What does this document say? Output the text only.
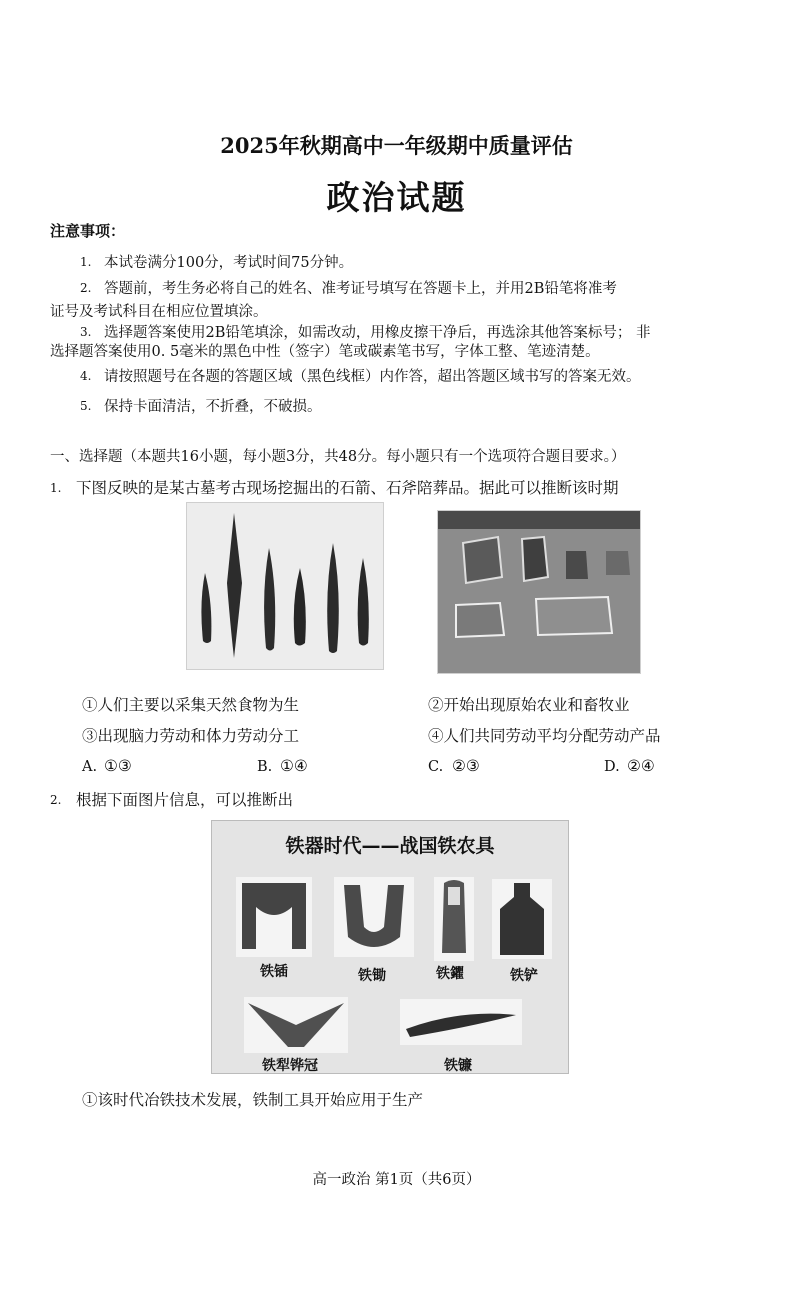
2025年秋期高中一年级期中质量评估
政治试题
注意事项：
1. 本试卷满分100分，考试时间75分钟。
2. 答题前，考生务必将自己的姓名、准考证号填写在答题卡上，并用2B铅笔将准考
证号及考试科目在相应位置填涂。
3. 选择题答案使用2B铅笔填涂，如需改动，用橡皮擦干净后，再选涂其他答案标号； 非
选择题答案使用0. 5毫米的黑色中性（签字）笔或碳素笔书写，字体工整、笔迹清楚。
4. 请按照题号在各题的答题区域（黑色线框）内作答，超出答题区域书写的答案无效。
5. 保持卡面清洁，不折叠，不破损。
一、选择题（本题共16小题，每小题3分，共48分。每小题只有一个选项符合题目要求。）
1. 下图反映的是某古墓考古现场挖掘出的石箭、石斧陪葬品。据此可以推断该时期
①人们主要以采集天然食物为生	②开始出现原始农业和畜牧业
③出现脑力劳动和体力劳动分工	④人们共同劳动平均分配劳动产品
A. ①③	B. ①④	C. ②③	D. ②④
2. 根据下面图片信息，可以推断出
铁器时代——战国铁农具
铁锸	铁锄	铁鑺	铁铲
铁犁铧冠	铁镰
①该时代冶铁技术发展，铁制工具开始应用于生产
高一政治 第1页（共6页）
